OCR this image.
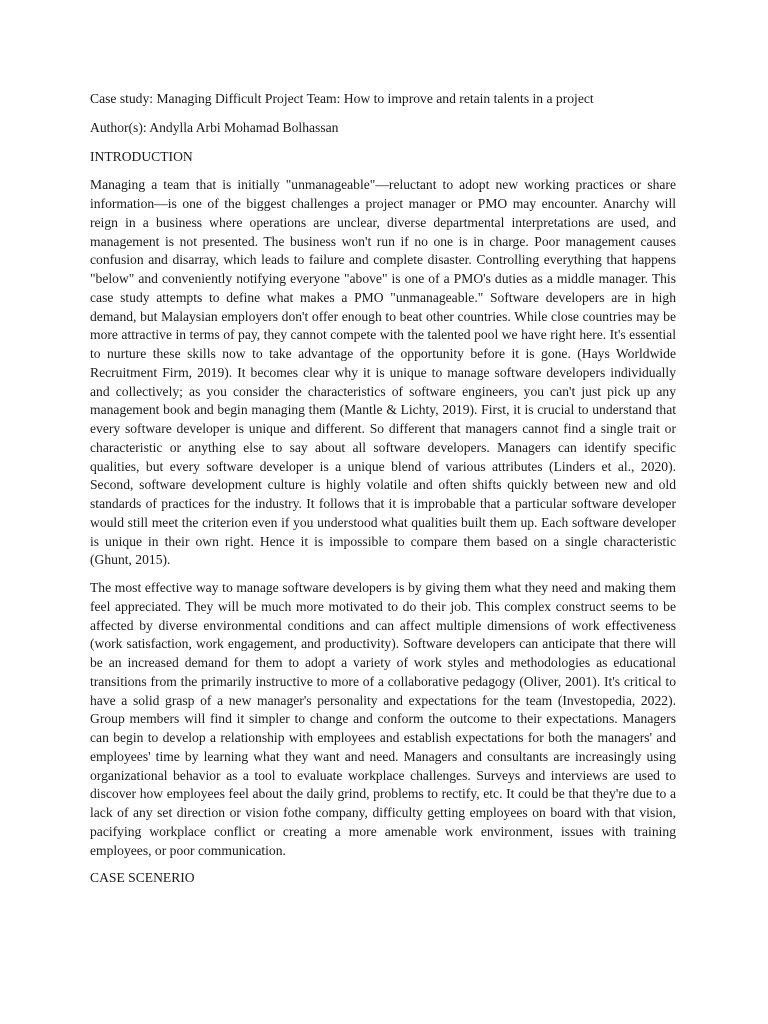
Case study: Managing Difficult Project Team: How to improve and retain talents in a project

Author(s): Andylla Arbi Mohamad Bolhassan

INTRODUCTION

Managing a team that is initially "unmanageable"—reluctant to adopt new working practices or share information—is one of the biggest challenges a project manager or PMO may encounter. Anarchy will reign in a business where operations are unclear, diverse departmental interpretations are used, and management is not presented. The business won't run if no one is in charge. Poor management causes confusion and disarray, which leads to failure and complete disaster. Controlling everything that happens "below" and conveniently notifying everyone "above" is one of a PMO's duties as a middle manager. This case study attempts to define what makes a PMO "unmanageable." Software developers are in high demand, but Malaysian employers don't offer enough to beat other countries. While close countries may be more attractive in terms of pay, they cannot compete with the talented pool we have right here. It's essential to nurture these skills now to take advantage of the opportunity before it is gone. (Hays Worldwide Recruitment Firm, 2019). It becomes clear why it is unique to manage software developers individually and collectively; as you consider the characteristics of software engineers, you can't just pick up any management book and begin managing them (Mantle & Lichty, 2019). First, it is crucial to understand that every software developer is unique and different. So different that managers cannot find a single trait or characteristic or anything else to say about all software developers. Managers can identify specific qualities, but every software developer is a unique blend of various attributes (Linders et al., 2020). Second, software development culture is highly volatile and often shifts quickly between new and old standards of practices for the industry. It follows that it is improbable that a particular software developer would still meet the criterion even if you understood what qualities built them up. Each software developer is unique in their own right. Hence it is impossible to compare them based on a single characteristic (Ghunt, 2015).

The most effective way to manage software developers is by giving them what they need and making them feel appreciated. They will be much more motivated to do their job. This complex construct seems to be affected by diverse environmental conditions and can affect multiple dimensions of work effectiveness (work satisfaction, work engagement, and productivity). Software developers can anticipate that there will be an increased demand for them to adopt a variety of work styles and methodologies as educational transitions from the primarily instructive to more of a collaborative pedagogy (Oliver, 2001). It's critical to have a solid grasp of a new manager's personality and expectations for the team (Investopedia, 2022). Group members will find it simpler to change and conform the outcome to their expectations. Managers can begin to develop a relationship with employees and establish expectations for both the managers' and employees' time by learning what they want and need. Managers and consultants are increasingly using organizational behavior as a tool to evaluate workplace challenges. Surveys and interviews are used to discover how employees feel about the daily grind, problems to rectify, etc. It could be that they're due to a lack of any set direction or vision fothe company, difficulty getting employees on board with that vision, pacifying workplace conflict or creating a more amenable work environment, issues with training employees, or poor communication.

CASE SCENERIO
